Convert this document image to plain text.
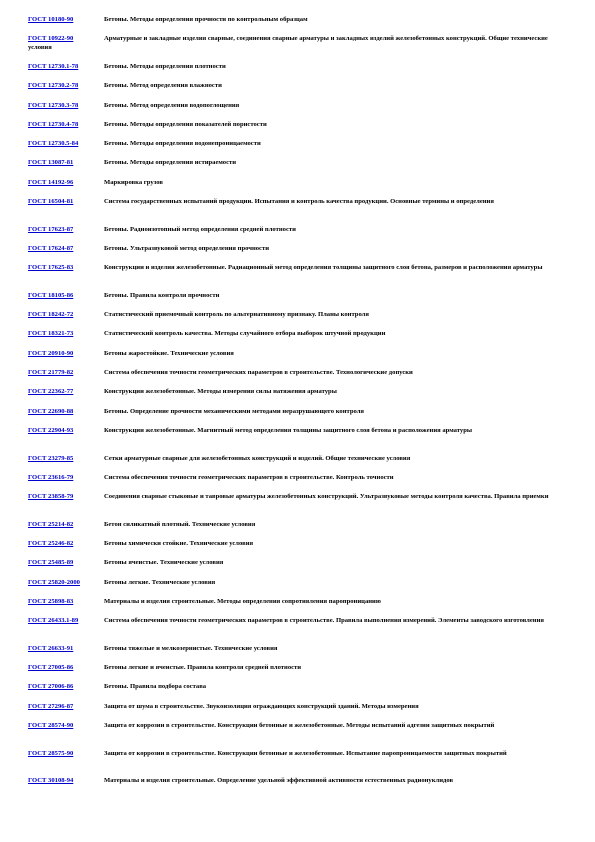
ГОСТ 10180-90	Бетоны. Методы определения прочности по контрольным образцам
ГОСТ 10922-90	Арматурные и закладные изделия сварные, соединения сварные арматуры и закладных изделий железобетонных конструкций. Общие технические условия
ГОСТ 12730.1-78	Бетоны. Методы определения плотности
ГОСТ 12730.2-78	Бетоны. Метод определения влажности
ГОСТ 12730.3-78	Бетоны. Метод определения водопоглощения
ГОСТ 12730.4-78	Бетоны. Методы определения показателей пористости
ГОСТ 12730.5-84	Бетоны. Методы определения водонепроницаемости
ГОСТ 13087-81	Бетоны. Методы определения истираемости
ГОСТ 14192-96	Маркировка грузов
ГОСТ 16504-81	Система государственных испытаний продукции. Испытания и контроль качества продукции. Основные термины и определения
ГОСТ 17623-87	Бетоны. Радиоизотопный метод определения средней плотности
ГОСТ 17624-87	Бетоны. Ультразвуковой метод определения прочности
ГОСТ 17625-83	Конструкции и изделия железобетонные. Радиационный метод определения толщины защитного слоя бетона, размеров и расположения арматуры
ГОСТ 18105-86	Бетоны. Правила контроля прочности
ГОСТ 18242-72	Статистический приемочный контроль по альтернативному признаку. Планы контроля
ГОСТ 18321-73	Статистический контроль качества. Методы случайного отбора выборок штучной продукции
ГОСТ 20910-90	Бетоны жаростойкие. Технические условия
ГОСТ 21779-82	Система обеспечения точности геометрических параметров в строительстве. Технологические допуски
ГОСТ 22362-77	Конструкции железобетонные. Методы измерения силы натяжения арматуры
ГОСТ 22690-88	Бетоны. Определение прочности механическими методами неразрушающего контроля
ГОСТ 22904-93	Конструкции железобетонные. Магнитный метод определения толщины защитного слоя бетона и расположения арматуры
ГОСТ 23279-85	Сетки арматурные сварные для железобетонных конструкций и изделий. Общие технические условия
ГОСТ 23616-79	Система обеспечения точности геометрических параметров в строительстве. Контроль точности
ГОСТ 23858-79	Соединения сварные стыковые и тавровые арматуры железобетонных конструкций. Ультразвуковые методы контроля качества. Правила приемки
ГОСТ 25214-82	Бетон силикатный плотный. Технические условия
ГОСТ 25246-82	Бетоны химически стойкие. Технические условия
ГОСТ 25485-89	Бетоны ячеистые. Технические условия
ГОСТ 25820-2000	Бетоны легкие. Технические условия
ГОСТ 25898-83	Материалы и изделия строительные. Методы определения сопротивления паропроницанию
ГОСТ 26433.1-89	Система обеспечения точности геометрических параметров в строительстве. Правила выполнения измерений. Элементы заводского изготовления
ГОСТ 26633-91	Бетоны тяжелые и мелкозернистые. Технические условия
ГОСТ 27005-86	Бетоны легкие и ячеистые. Правила контроля средней плотности
ГОСТ 27006-86	Бетоны. Правила подбора состава
ГОСТ 27296-87	Защита от шума в строительстве. Звукоизоляция ограждающих конструкций зданий. Методы измерения
ГОСТ 28574-90	Защита от коррозии в строительстве. Конструкции бетонные и железобетонные. Методы испытаний адгезии защитных покрытий
ГОСТ 28575-90	Защита от коррозии в строительстве. Конструкции бетонные и железобетонные. Испытание паропроницаемости защитных покрытий
ГОСТ 30108-94	Материалы и изделия строительные. Определение удельной эффективной активности естественных радионуклидов
